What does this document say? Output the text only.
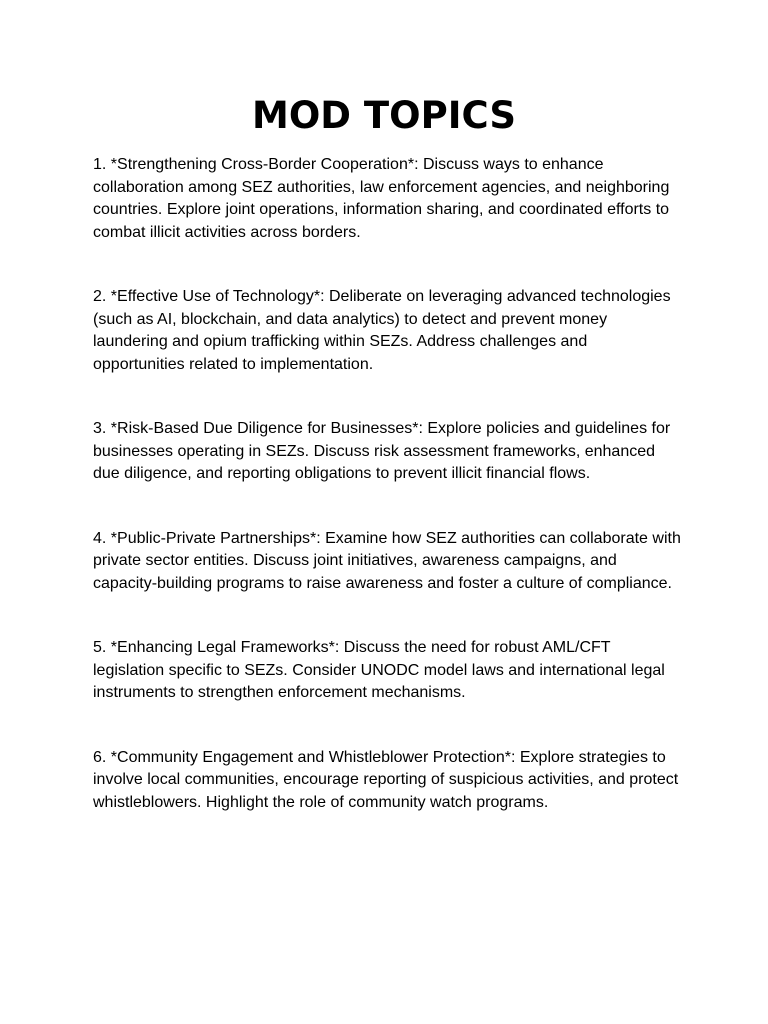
MOD TOPICS

1. *Strengthening Cross-Border Cooperation*: Discuss ways to enhance collaboration among SEZ authorities, law enforcement agencies, and neighboring countries. Explore joint operations, information sharing, and coordinated efforts to combat illicit activities across borders.

2. *Effective Use of Technology*: Deliberate on leveraging advanced technologies (such as AI, blockchain, and data analytics) to detect and prevent money laundering and opium trafficking within SEZs. Address challenges and opportunities related to implementation.

3. *Risk-Based Due Diligence for Businesses*: Explore policies and guidelines for businesses operating in SEZs. Discuss risk assessment frameworks, enhanced due diligence, and reporting obligations to prevent illicit financial flows.

4. *Public-Private Partnerships*: Examine how SEZ authorities can collaborate with private sector entities. Discuss joint initiatives, awareness campaigns, and capacity-building programs to raise awareness and foster a culture of compliance.

5. *Enhancing Legal Frameworks*: Discuss the need for robust AML/CFT legislation specific to SEZs. Consider UNODC model laws and international legal instruments to strengthen enforcement mechanisms.

6. *Community Engagement and Whistleblower Protection*: Explore strategies to involve local communities, encourage reporting of suspicious activities, and protect whistleblowers. Highlight the role of community watch programs.
